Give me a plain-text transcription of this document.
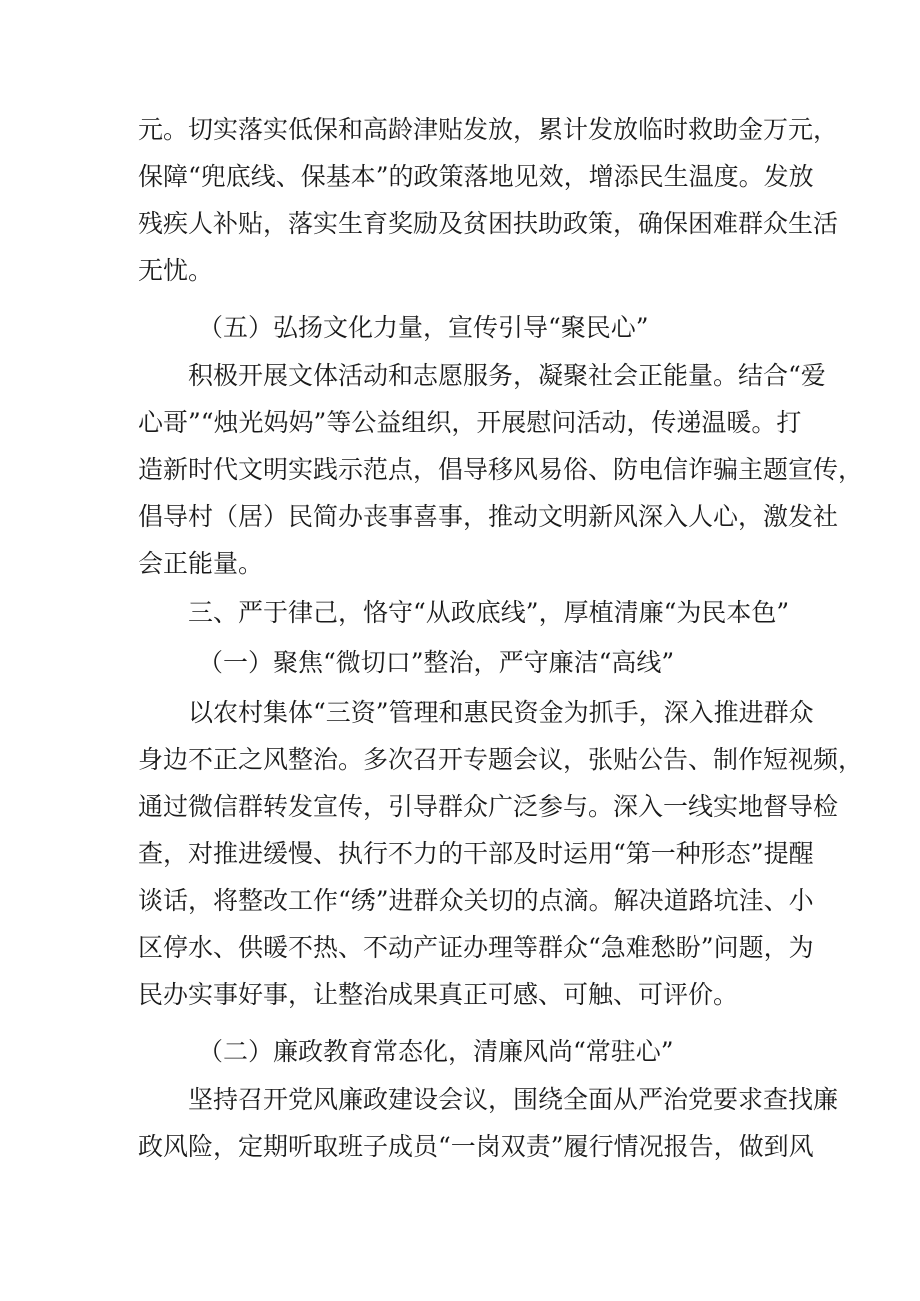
元。切实落实低保和高龄津贴发放，累计发放临时救助金万元，
保障“兜底线、保基本”的政策落地见效，增添民生温度。发放
残疾人补贴，落实生育奖励及贫困扶助政策，确保困难群众生活
无忧。
（五）弘扬文化力量，宣传引导“聚民心”
积极开展文体活动和志愿服务，凝聚社会正能量。结合“爱
心哥”“烛光妈妈”等公益组织，开展慰问活动，传递温暖。打
造新时代文明实践示范点，倡导移风易俗、防电信诈骗主题宣传，
倡导村（居）民简办丧事喜事，推动文明新风深入人心，激发社
会正能量。
三、严于律己，恪守“从政底线”，厚植清廉“为民本色”
（一）聚焦“微切口”整治，严守廉洁“高线”
以农村集体“三资”管理和惠民资金为抓手，深入推进群众
身边不正之风整治。多次召开专题会议，张贴公告、制作短视频，
通过微信群转发宣传，引导群众广泛参与。深入一线实地督导检
查，对推进缓慢、执行不力的干部及时运用“第一种形态”提醒
谈话，将整改工作“绣”进群众关切的点滴。解决道路坑洼、小
区停水、供暖不热、不动产证办理等群众“急难愁盼”问题，为
民办实事好事，让整治成果真正可感、可触、可评价。
（二）廉政教育常态化，清廉风尚“常驻心”
坚持召开党风廉政建设会议，围绕全面从严治党要求查找廉
政风险，定期听取班子成员“一岗双责”履行情况报告，做到风
